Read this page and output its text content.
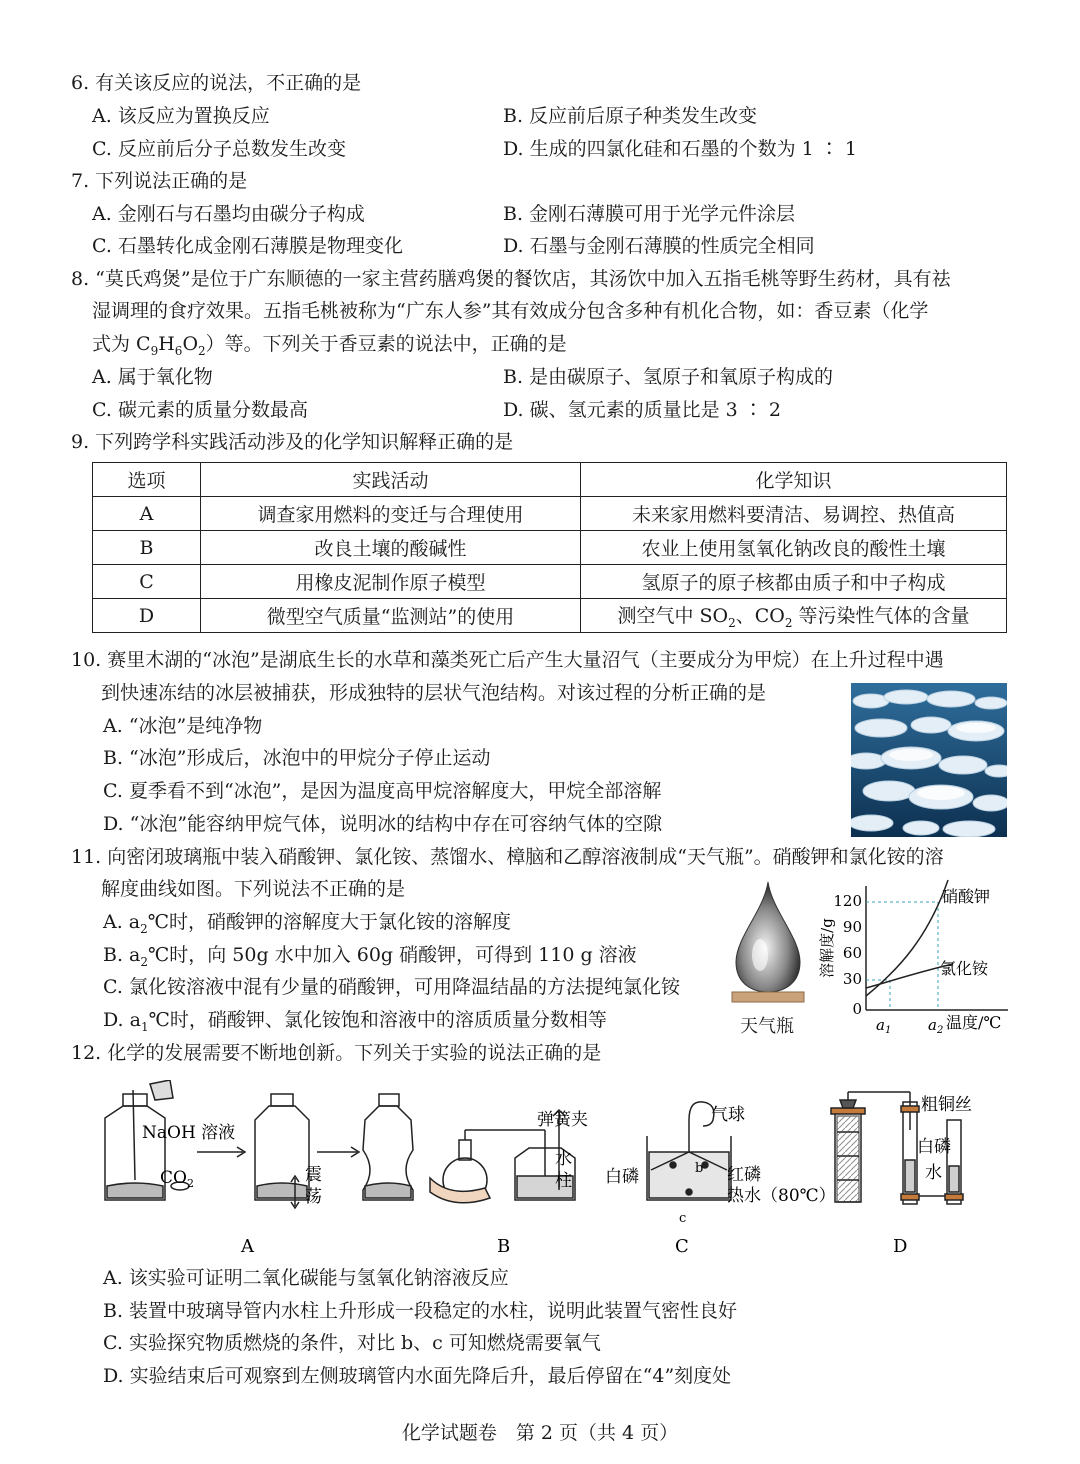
6. 有关该反应的说法，不正确的是
A. 该反应为置换反应	B. 反应前后原子种类发生改变
C. 反应前后分子总数发生改变	D. 生成的四氯化硅和石墨的个数为 1 ∶ 1
7. 下列说法正确的是
A. 金刚石与石墨均由碳分子构成	B. 金刚石薄膜可用于光学元件涂层
C. 石墨转化成金刚石薄膜是物理变化	D. 石墨与金刚石薄膜的性质完全相同
8. “莫氏鸡煲”是位于广东顺德的一家主营药膳鸡煲的餐饮店，其汤饮中加入五指毛桃等野生药材，具有祛
湿调理的食疗效果。五指毛桃被称为“广东人参”其有效成分包含多种有机化合物，如：香豆素（化学
式为 $C_9H_6O_2$）等。下列关于香豆素的说法中，正确的是
A. 属于氧化物	B. 是由碳原子、氢原子和氧原子构成的
C. 碳元素的质量分数最高	D. 碳、氢元素的质量比是 3 ∶ 2
9. 下列跨学科实践活动涉及的化学知识解释正确的是
选项	实践活动	化学知识
A	调查家用燃料的变迁与合理使用	未来家用燃料要清洁、易调控、热值高
B	改良土壤的酸碱性	农业上使用氢氧化钠改良的酸性土壤
C	用橡皮泥制作原子模型	氢原子的原子核都由质子和中子构成
D	微型空气质量“监测站”的使用	测空气中 $SO_2$、$CO_2$ 等污染性气体的含量
10. 赛里木湖的“冰泡”是湖底生长的水草和藻类死亡后产生大量沼气（主要成分为甲烷）在上升过程中遇
到快速冻结的冰层被捕获，形成独特的层状气泡结构。对该过程的分析正确的是
A. “冰泡”是纯净物
B. “冰泡”形成后，冰泡中的甲烷分子停止运动
C. 夏季看不到“冰泡”，是因为温度高甲烷溶解度大，甲烷全部溶解
D. “冰泡”能容纳甲烷气体，说明冰的结构中存在可容纳气体的空隙
11. 向密闭玻璃瓶中装入硝酸钾、氯化铵、蒸馏水、樟脑和乙醇溶液制成“天气瓶”。硝酸钾和氯化铵的溶
解度曲线如图。下列说法不正确的是
A. $a_2℃$时，硝酸钾的溶解度大于氯化铵的溶解度
B. $a_2℃$时，向 50g 水中加入 60g 硝酸钾，可得到 110 g 溶液
C. 氯化铵溶液中混有少量的硝酸钾，可用降温结晶的方法提纯氯化铵
D. $a_1℃$时，硝酸钾、氯化铵饱和溶液中的溶质质量分数相等	天气瓶
120
90
60
30
0
溶解度/g
$a_1$ $a_2$ 温度/℃
硝酸钾
氯化铵
12. 化学的发展需要不断地创新。下列关于实验的说法正确的是
NaOH 溶液
$CO_2$	震
荡
A
弹簧夹
水
柱
B
气球
白磷	红磷
热水（80℃）
b
c
C
粗铜丝
白磷
水
D
A. 该实验可证明二氧化碳能与氢氧化钠溶液反应
B. 装置中玻璃导管内水柱上升形成一段稳定的水柱，说明此装置气密性良好
C. 实验探究物质燃烧的条件，对比 b、c 可知燃烧需要氧气
D. 实验结束后可观察到左侧玻璃管内水面先降后升，最后停留在“4”刻度处
化学试题卷　第 2 页（共 4 页）
